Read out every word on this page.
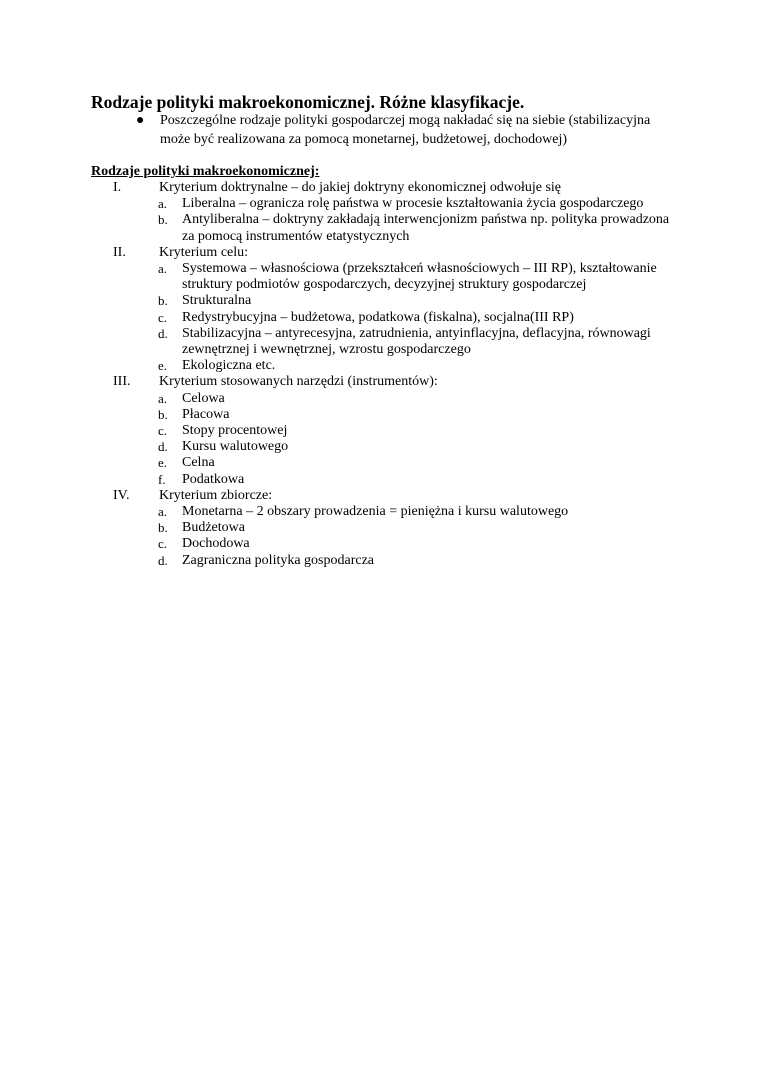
Rodzaje polityki makroekonomicznej. Różne klasyfikacje.
● Poszczególne rodzaje polityki gospodarczej mogą nakładać się na siebie (stabilizacyjna może być realizowana za pomocą monetarnej, budżetowej, dochodowej)
Rodzaje polityki makroekonomicznej:
I.	Kryterium doktrynalne – do jakiej doktryny ekonomicznej odwołuje się
a. Liberalna – ogranicza rolę państwa w procesie kształtowania życia gospodarczego
b. Antyliberalna – doktryny zakładają interwencjonizm państwa np. polityka prowadzona za pomocą instrumentów etatystycznych
II.	Kryterium celu:
a. Systemowa – własnościowa (przekształceń własnościowych – III RP), kształtowanie struktury podmiotów gospodarczych, decyzyjnej struktury gospodarczej
b. Strukturalna
c. Redystrybucyjna – budżetowa, podatkowa (fiskalna), socjalna(III RP)
d. Stabilizacyjna – antyrecesyjna, zatrudnienia, antyinflacyjna, deflacyjna, równowagi zewnętrznej i wewnętrznej, wzrostu gospodarczego
e. Ekologiczna etc.
III.	Kryterium stosowanych narzędzi (instrumentów):
a. Celowa
b. Płacowa
c. Stopy procentowej
d. Kursu walutowego
e. Celna
f. Podatkowa
IV.	Kryterium zbiorcze:
a. Monetarna – 2 obszary prowadzenia = pieniężna i kursu walutowego
b. Budżetowa
c. Dochodowa
d. Zagraniczna polityka gospodarcza
